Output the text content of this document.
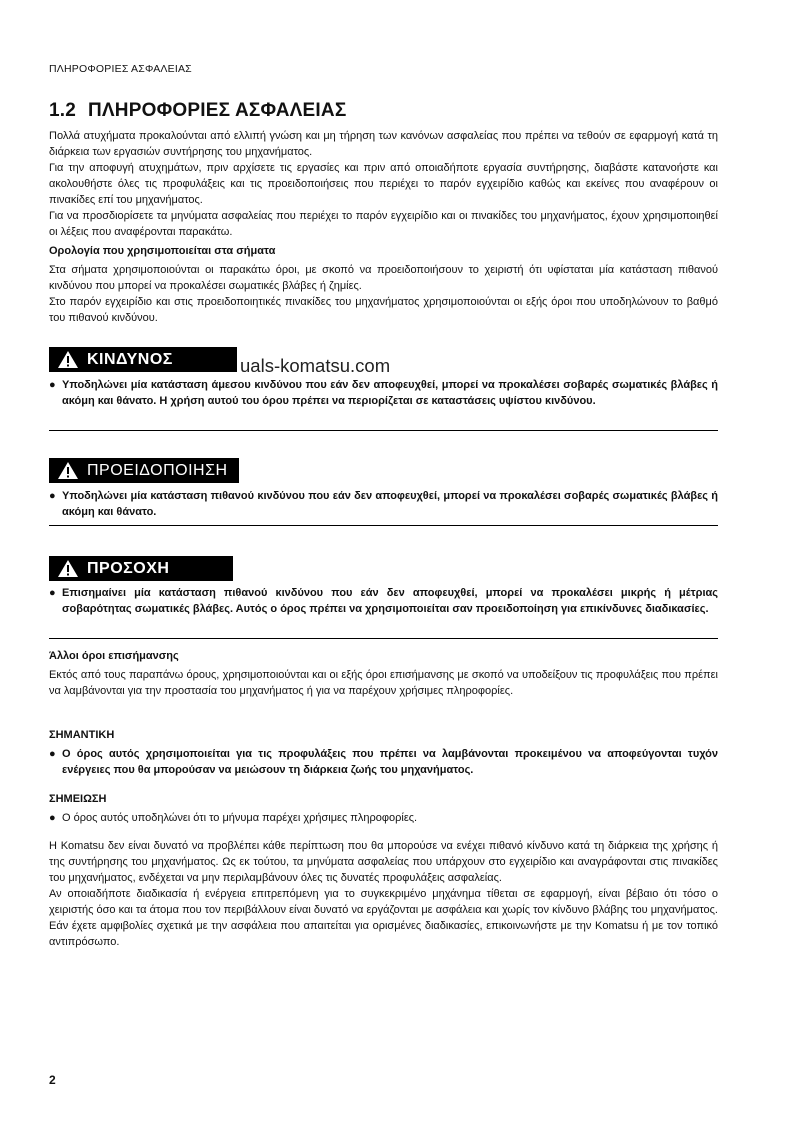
ΠΛΗΡΟΦΟΡΙΕΣ ΑΣΦΑΛΕΙΑΣ
1.2 ΠΛΗΡΟΦΟΡΙΕΣ ΑΣΦΑΛΕΙΑΣ

Πολλά ατυχήματα προκαλούνται από ελλιπή γνώση και μη τήρηση των κανόνων ασφαλείας που πρέπει να τεθούν σε εφαρμογή κατά τη διάρκεια των εργασιών συντήρησης του μηχανήματος.

Για την αποφυγή ατυχημάτων, πριν αρχίσετε τις εργασίες και πριν από οποιαδήποτε εργασία συντήρησης, διαβάστε κατανοήστε και ακολουθήστε όλες τις προφυλάξεις και τις προειδοποιήσεις που περιέχει το παρόν εγχειρίδιο καθώς και εκείνες που αναφέρουν οι πινακίδες επί του μηχανήματος.

Για να προσδιορίσετε τα μηνύματα ασφαλείας που περιέχει το παρόν εγχειρίδιο και οι πινακίδες του μηχανήματος, έχουν χρησιμοποιηθεί οι λέξεις που αναφέρονται παρακάτω.

Ορολογία που χρησιμοποιείται στα σήματα

Στα σήματα χρησιμοποιούνται οι παρακάτω όροι, με σκοπό να προειδοποιήσουν το χειριστή ότι υφίσταται μία κατάσταση πιθανού κινδύνου που μπορεί να προκαλέσει σωματικές βλάβες ή ζημίες.

Στο παρόν εγχειρίδιο και στις προειδοποιητικές πινακίδες του μηχανήματος χρησιμοποιούνται οι εξής όροι που υποδηλώνουν το βαθμό του πιθανού κινδύνου.

ΚΙΝΔΥΝΟΣ	uals-komatsu.com
● Υποδηλώνει μία κατάσταση άμεσου κινδύνου που εάν δεν αποφευχθεί, μπορεί να προκαλέσει σοβαρές σωματικές βλάβες ή ακόμη και θάνατο. Η χρήση αυτού του όρου πρέπει να περιορίζεται σε καταστάσεις υψίστου κινδύνου.
ΠΡΟΕΙΔΟΠΟΙΗΣΗ
● Υποδηλώνει μία κατάσταση πιθανού κινδύνου που εάν δεν αποφευχθεί, μπορεί να προκαλέσει σοβαρές σωματικές βλάβες ή ακόμη και θάνατο.
ΠΡΟΣΟΧΗ
● Επισημαίνει μία κατάσταση πιθανού κινδύνου που εάν δεν αποφευχθεί, μπορεί να προκαλέσει μικρής ή μέτριας σοβαρότητας σωματικές βλάβες. Αυτός ο όρος πρέπει να χρησιμοποιείται σαν προειδοποίηση για επικίνδυνες διαδικασίες.
Άλλοι όροι επισήμανσης
Εκτός από τους παραπάνω όρους, χρησιμοποιούνται και οι εξής όροι επισήμανσης με σκοπό να υποδείξουν τις προφυλάξεις που πρέπει να λαμβάνονται για την προστασία του μηχανήματος ή για να παρέχουν χρήσιμες πληροφορίες.
ΣΗΜΑΝΤΙΚΗ
● Ο όρος αυτός χρησιμοποιείται για τις προφυλάξεις που πρέπει να λαμβάνονται προκειμένου να αποφεύγονται τυχόν ενέργειες που θα μπορούσαν να μειώσουν τη διάρκεια ζωής του μηχανήματος.
ΣΗΜΕΙΩΣΗ
● Ο όρος αυτός υποδηλώνει ότι το μήνυμα παρέχει χρήσιμες πληροφορίες.

Η Komatsu δεν είναι δυνατό να προβλέπει κάθε περίπτωση που θα μπορούσε να ενέχει πιθανό κίνδυνο κατά τη διάρκεια της χρήσης ή της συντήρησης του μηχανήματος. Ως εκ τούτου, τα μηνύματα ασφαλείας που υπάρχουν στο εγχειρίδιο και αναγράφονται στις πινακίδες του μηχανήματος, ενδέχεται να μην περιλαμβάνουν όλες τις δυνατές προφυλάξεις ασφαλείας.

Αν οποιαδήποτε διαδικασία ή ενέργεια επιτρεπόμενη για το συγκεκριμένο μηχάνημα τίθεται σε εφαρμογή, είναι βέβαιο ότι τόσο ο χειριστής όσο και τα άτομα που τον περιβάλλουν είναι δυνατό να εργάζονται με ασφάλεια και χωρίς τον κίνδυνο βλάβης του μηχανήματος. Εάν έχετε αμφιβολίες σχετικά με την ασφάλεια που απαιτείται για ορισμένες διαδικασίες, επικοινωνήστε με την Komatsu ή με τον τοπικό αντιπρόσωπο.

2
